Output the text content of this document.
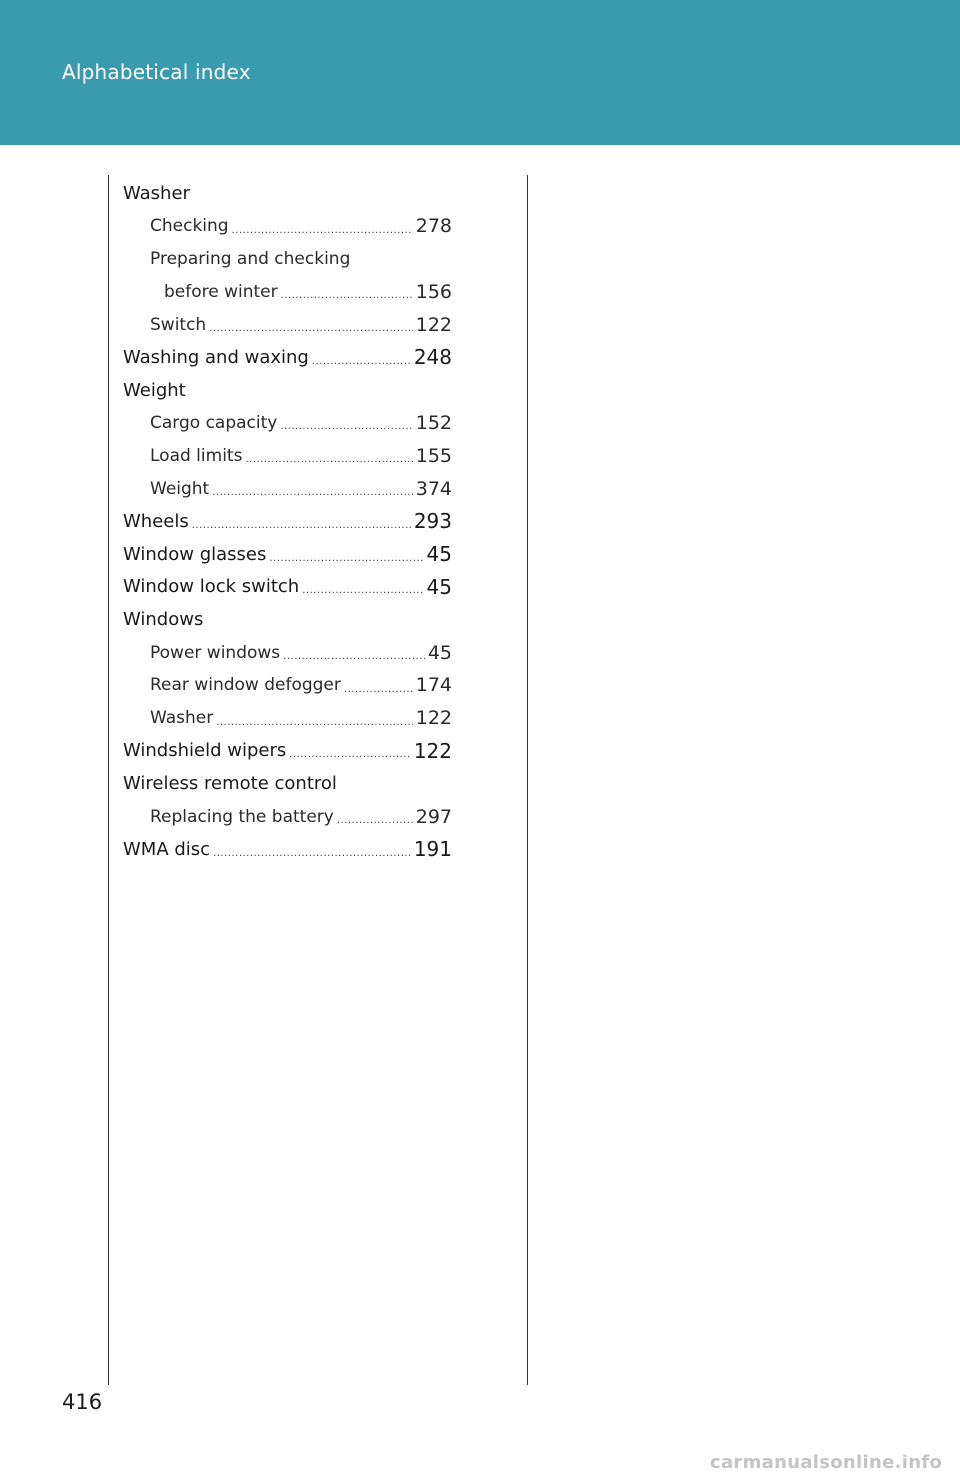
Alphabetical index
Washer
Checking .....	278
Preparing and checking
before winter .....	156
Switch .....	122
Washing and waxing .....	248
Weight
Cargo capacity .....	152
Load limits .....	155
Weight .....	374
Wheels .....	293
Window glasses .....	45
Window lock switch .....	45
Windows
Power windows .....	45
Rear window defogger .....	174
Washer .....	122
Windshield wipers .....	122
Wireless remote control
Replacing the battery .....	297
WMA disc .....	191
416
carmanualsonline.info
